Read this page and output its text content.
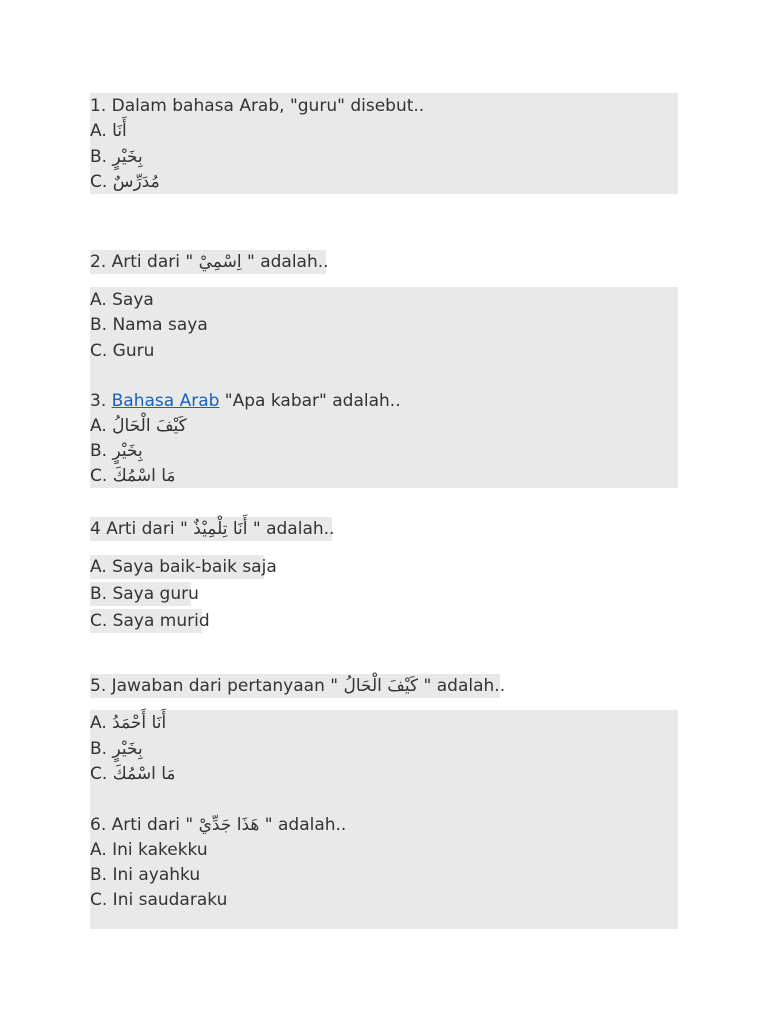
1. Dalam bahasa Arab, "guru" disebut..
A. أَنَا
B. بِخَيْرٍ
C. مُدَرِّسٌ
2. Arti dari " اِسْمِيْ " adalah..
A. Saya
B. Nama saya
C. Guru
3. Bahasa Arab "Apa kabar" adalah..
A. كَيْفَ الْحَالُ
B. بِخَيْرٍ
C. مَا اسْمُكَ
4 Arti dari " أَنَا تِلْمِيْذٌ " adalah..
A. Saya baik-baik saja
B. Saya guru
C. Saya murid
5. Jawaban dari pertanyaan " كَيْفَ الْحَالُ " adalah..
A. أَنَا أَحْمَدُ
B. بِخَيْرٍ
C. مَا اسْمُكَ
6. Arti dari " هَذَا جَدِّيْ " adalah..
A. Ini kakekku
B. Ini ayahku
C. Ini saudaraku
